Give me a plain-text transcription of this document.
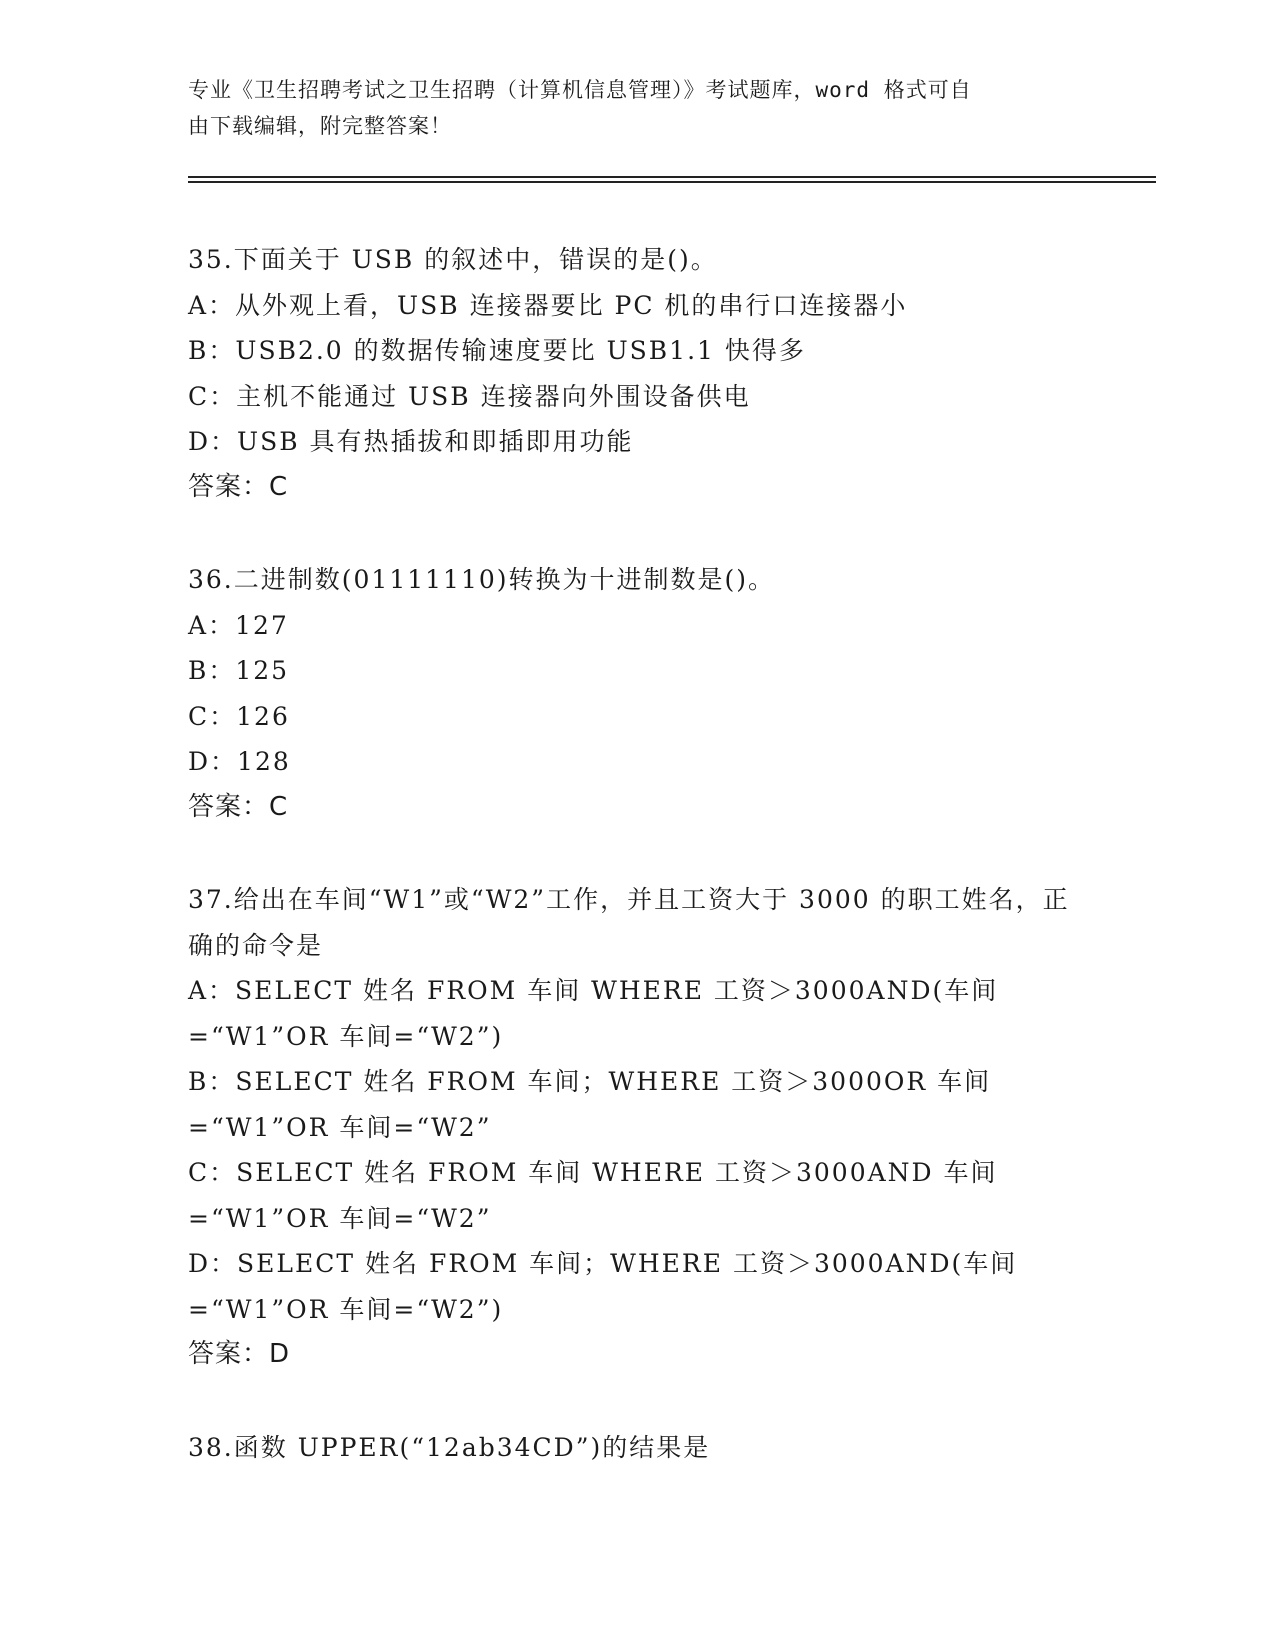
专业《卫生招聘考试之卫生招聘（计算机信息管理）》考试题库，word 格式可自
由下载编辑，附完整答案！
35.下面关于 USB 的叙述中，错误的是()。
A：从外观上看，USB 连接器要比 PC 机的串行口连接器小
B：USB2.0 的数据传输速度要比 USB1.1 快得多
C：主机不能通过 USB 连接器向外围设备供电
D：USB 具有热插拔和即插即用功能
答案：C
36.二进制数(01111110)转换为十进制数是()。
A：127
B：125
C：126
D：128
答案：C
37.给出在车间“W1”或“W2”工作，并且工资大于 3000 的职工姓名，正确的命令是
A：SELECT 姓名 FROM 车间 WHERE 工资＞3000AND(车间=“W1”OR 车间=“W2”)
B：SELECT 姓名 FROM 车间；WHERE 工资＞3000OR 车间=“W1”OR 车间=“W2”
C：SELECT 姓名 FROM 车间 WHERE 工资＞3000AND 车间=“W1”OR 车间=“W2”
D：SELECT 姓名 FROM 车间；WHERE 工资＞3000AND(车间=“W1”OR 车间=“W2”)
答案：D
38.函数 UPPER(“12ab34CD”)的结果是
